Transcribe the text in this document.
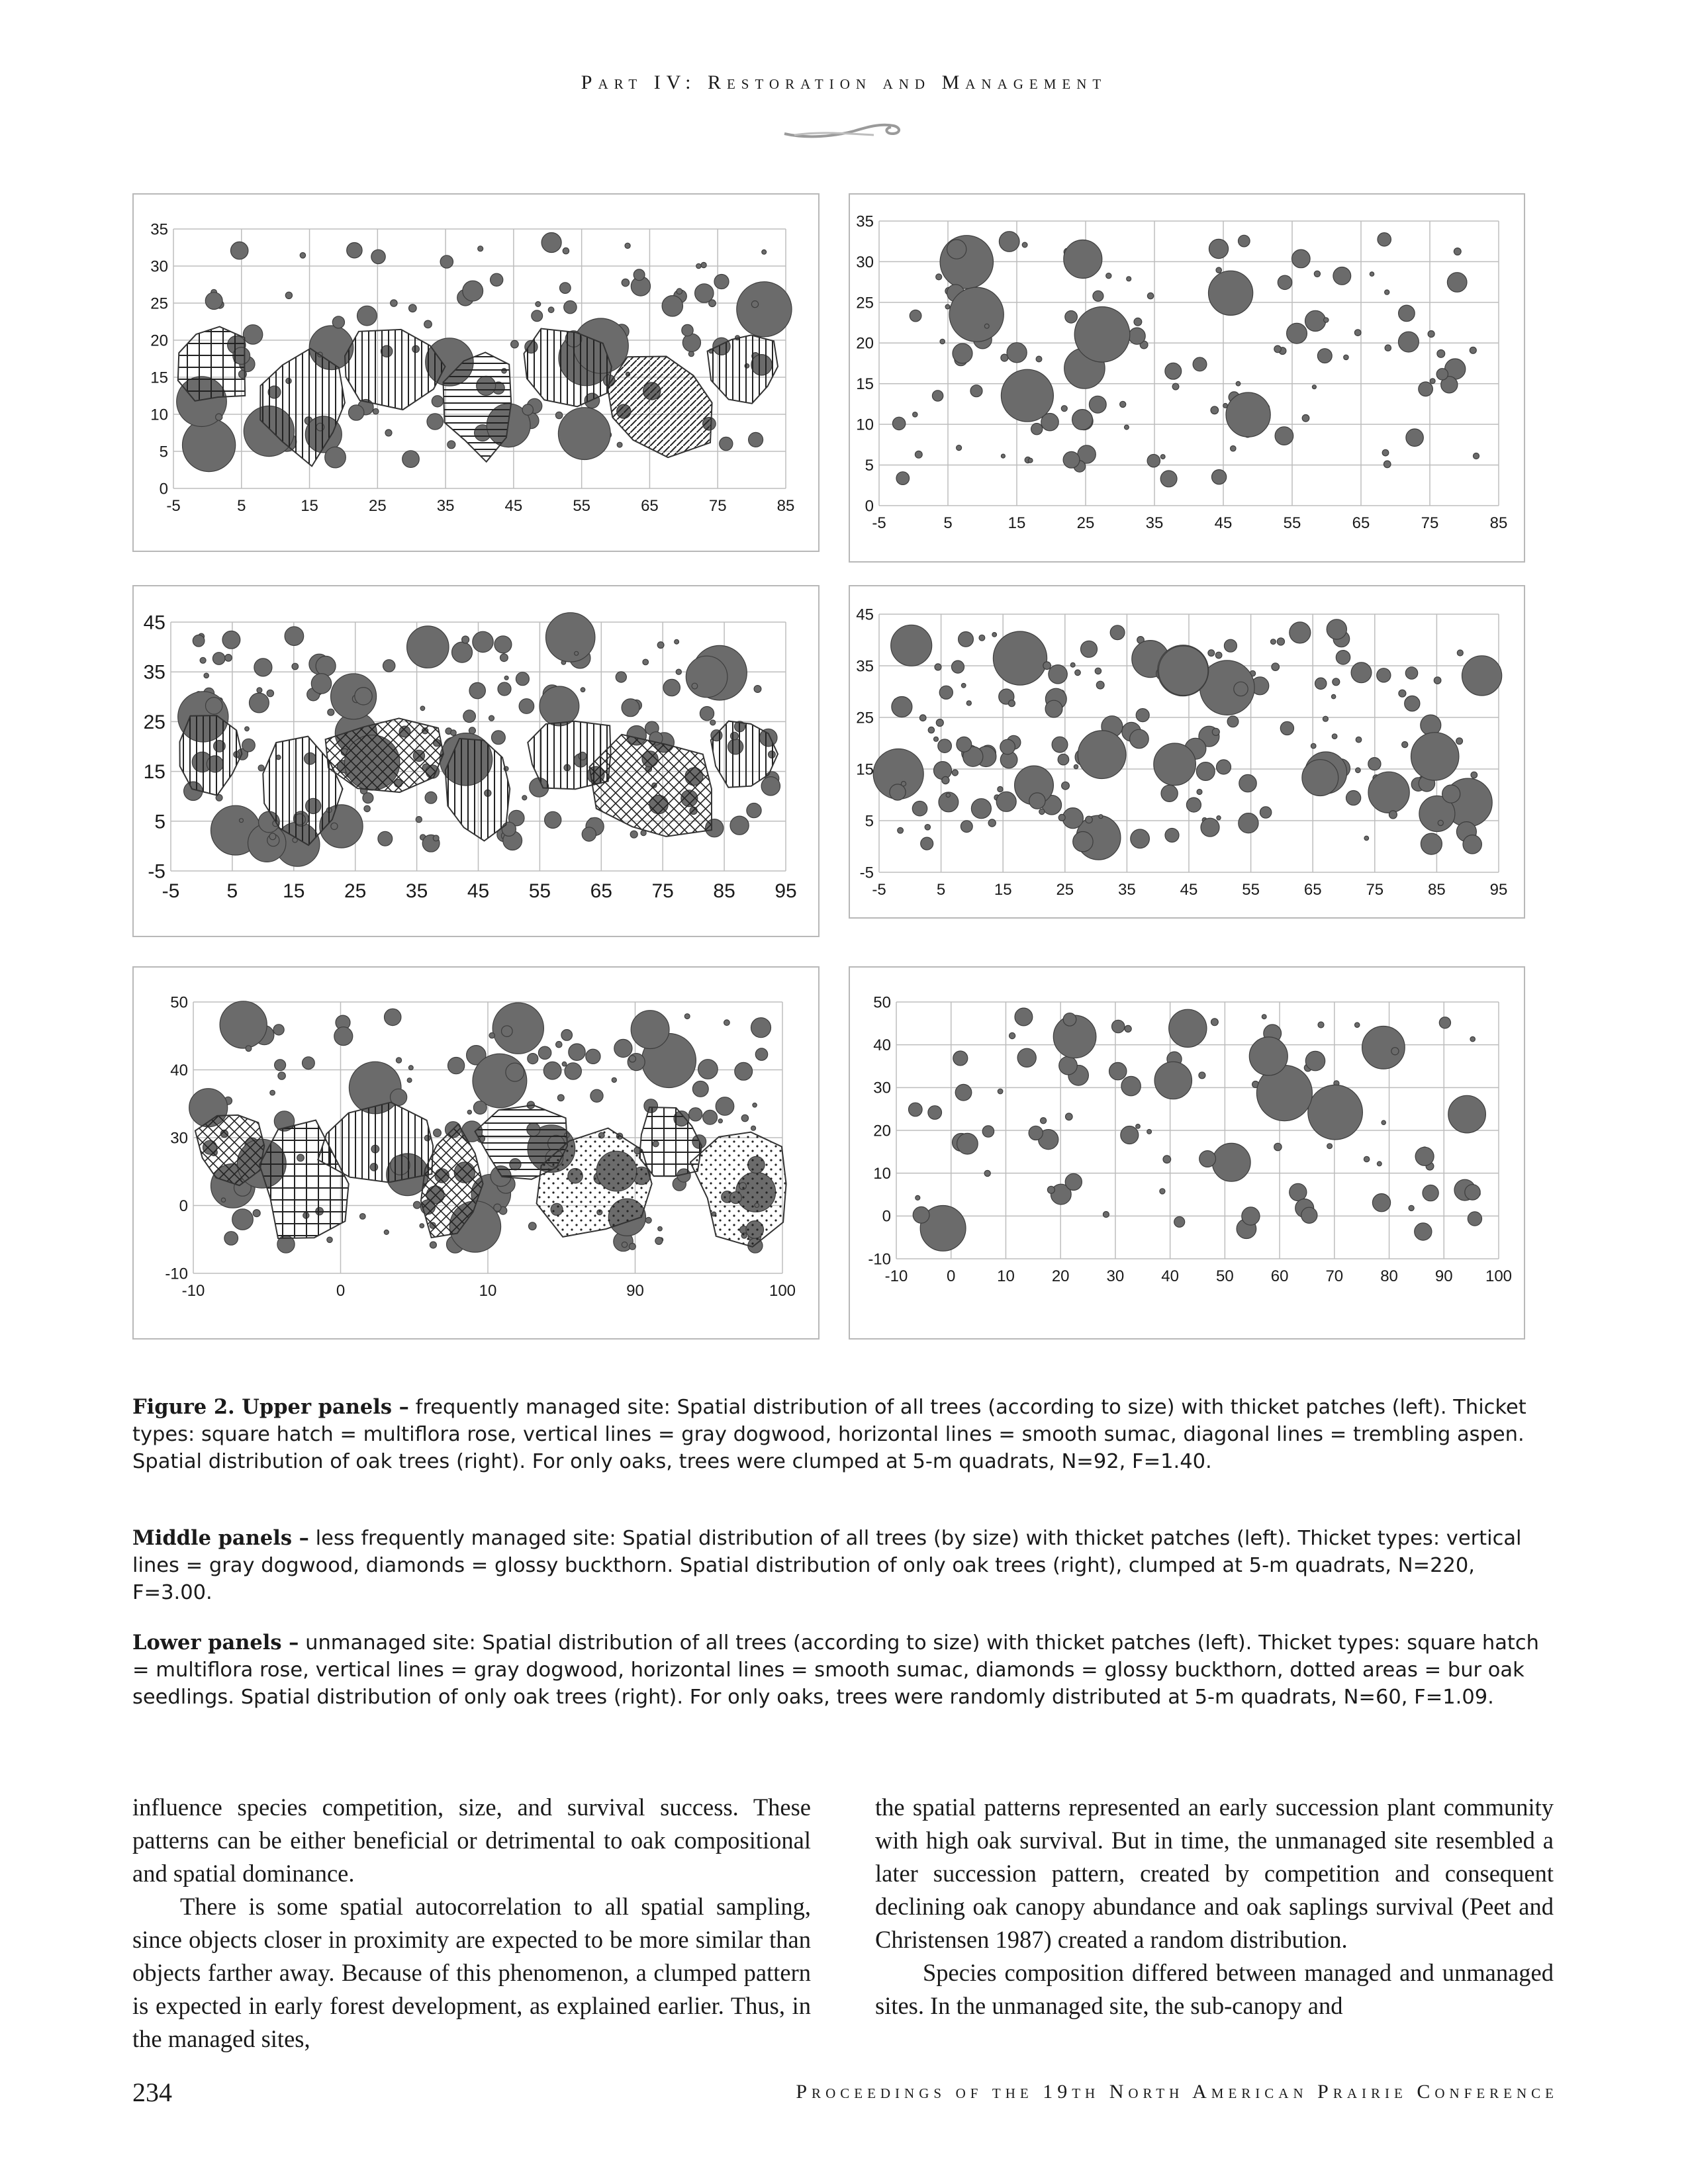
Part IV: Restoration and Management
-5	5	15	25	35	45	55	65	75	85
0
5
10
15
20
25
30
35
-5	5	15	25	35	45	55	65	75	85
0
5
10
15
20
25
30
35
-5 5 15 25 35 45 55 65 75 85 95
-5
5
15
25
35
45
-5	5	15	25	35	45	55	65	75	85	95
-5
5
15
25
35
45
-10	0	10	90	100
-10
0
30
40
50
-10 0	10 20 30 40 50 60 70 80 90 100
-10
0
10
20
30
40
50
Figure 2. Upper panels – frequently managed site: Spatial distribution of all trees (according to size) with thicket patches (left). Thicket types: square hatch = multiflora rose, vertical lines = gray dogwood, horizontal lines = smooth sumac, diagonal lines = trembling aspen. Spatial distribution of oak trees (right). For only oaks, trees were clumped at 5-m quadrats, N=92, F=1.40.
Middle panels – less frequently managed site: Spatial distribution of all trees (by size) with thicket patches (left). Thicket types: vertical lines = gray dogwood, diamonds = glossy buckthorn. Spatial distribution of only oak trees (right), clumped at 5-m quadrats, N=220, F=3.00.
Lower panels – unmanaged site: Spatial distribution of all trees (according to size) with thicket patches (left). Thicket types: square hatch = multiflora rose, vertical lines = gray dogwood, horizontal lines = smooth sumac, diamonds = glossy buckthorn, dotted areas = bur oak seedlings. Spatial distribution of only oak trees (right). For only oaks, trees were randomly distributed at 5-m quadrats, N=60, F=1.09.

influence species competition, size, and survival success. These patterns can be either beneficial or detrimental to oak compositional and spatial dominance.

There is some spatial autocorrelation to all spatial sampling, since objects closer in proximity are expected to be more similar than objects farther away. Because of this phenomenon, a clumped pattern is expected in early forest development, as explained earlier. Thus, in the managed sites,

the spatial patterns represented an early succession plant community with high oak survival. But in time, the unmanaged site resembled a later succession pattern, created by competition and consequent declining oak canopy abundance and oak saplings survival (Peet and Christensen 1987) created a random distribution.

Species composition differed between managed and unmanaged sites. In the unmanaged site, the sub-canopy and

234	Proceedings of the 19th North American Prairie Conference
